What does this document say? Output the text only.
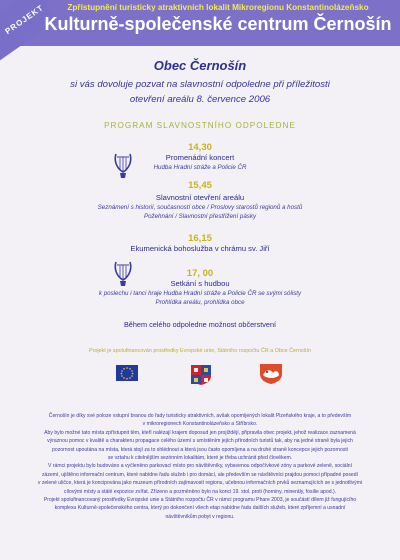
PROJEKT	Zpřístupnění turisticky atraktivních lokalit Mikroregionu Konstantinolázeňsko
Kulturně-společenské centrum Černošín
Obec Černošín
si vás dovoluje pozvat na slavnostní odpoledne při příležitosti
otevření areálu 8. července 2006
PROGRAM SLAVNOSTNÍHO ODPOLEDNE
14,30
Promenádní koncert
Hudba Hradní stráže a Policie ČR
15,45
Slavnostní otevření areálu
Seznámení s historií, současností obce / Proslovy starostů regionů a hostů
Požehnání / Slavnostní přestřižení pásky
16,15
Ekumenická bohoslužba v chrámu sv. Jiří
17, 00
Setkání s hudbou
k poslechu i tanci hraje Hudba Hradní stráže a Policie ČR se svými sólisty
Prohlídka areálu, prohlídka obce
Během celého odpoledne možnost občerstvení
Projekt je spolufinancován prostředky Evropské unie, Státního rozpočtu ČR a Obce Černošín
Černošín je díky své poloze vstupní branou do řady turisticky atraktivních, avšak opomíjených lokalit Plzeňského kraje, a to především
v mikroregionech Konstantinolázeňsko a Stříbrsko.
Aby bylo možné tato místa zpřístupnit těm, kteří nalézají krajem doposud jen projíždějí, připravila obec projekt, jehož realizace zaznamená
výraznou pomoc v kvalitě a charakteru propagace celého území s umístěním jejích přírodních turistů tak, aby na jedné straně byla jejich
pozornost upoutána na místa, která stojí za to shlédnout a která jsou často opomíjena a na druhé straně koncepce jejich pozornosti
se vztahu k citelnějším sezónním lokalitám, které je třeba uchránit před člověkem.
V rámci projektu bylo budováno a vyčleněno parkovací místo pro návštěvníky, vybavenou odpočívkové zóny a parkové zeleně, sociální
zázemí, ujištěno informační centrum, které nabídne řadu služeb i pro domácí, ale především se návštěvníci prajdou pomoci případné posedí
v zelené uličce, která je koncipována jako muzeum přírodních zajímavostí regionu, učebnou informačních prvků seznamujících se s jednotlivými
cílovými místy a stálé expozice zvířat. Zřízeno a pozměněno bylo na konci 19. stol. proti (horniny, minerály, fosilie apod.).
Projekt spolufinancovaný prostředky Evropské unie a Státního rozpočtu ČR v rámci programu Phare 2003, je součástí dílem již fungujícího
komplexu Kulturně-společenského centra, který po dokončení všech etap nabídne řadu dalších služeb, které zpříjemní a usnadní
návštěvníkům pobyt v regionu.
